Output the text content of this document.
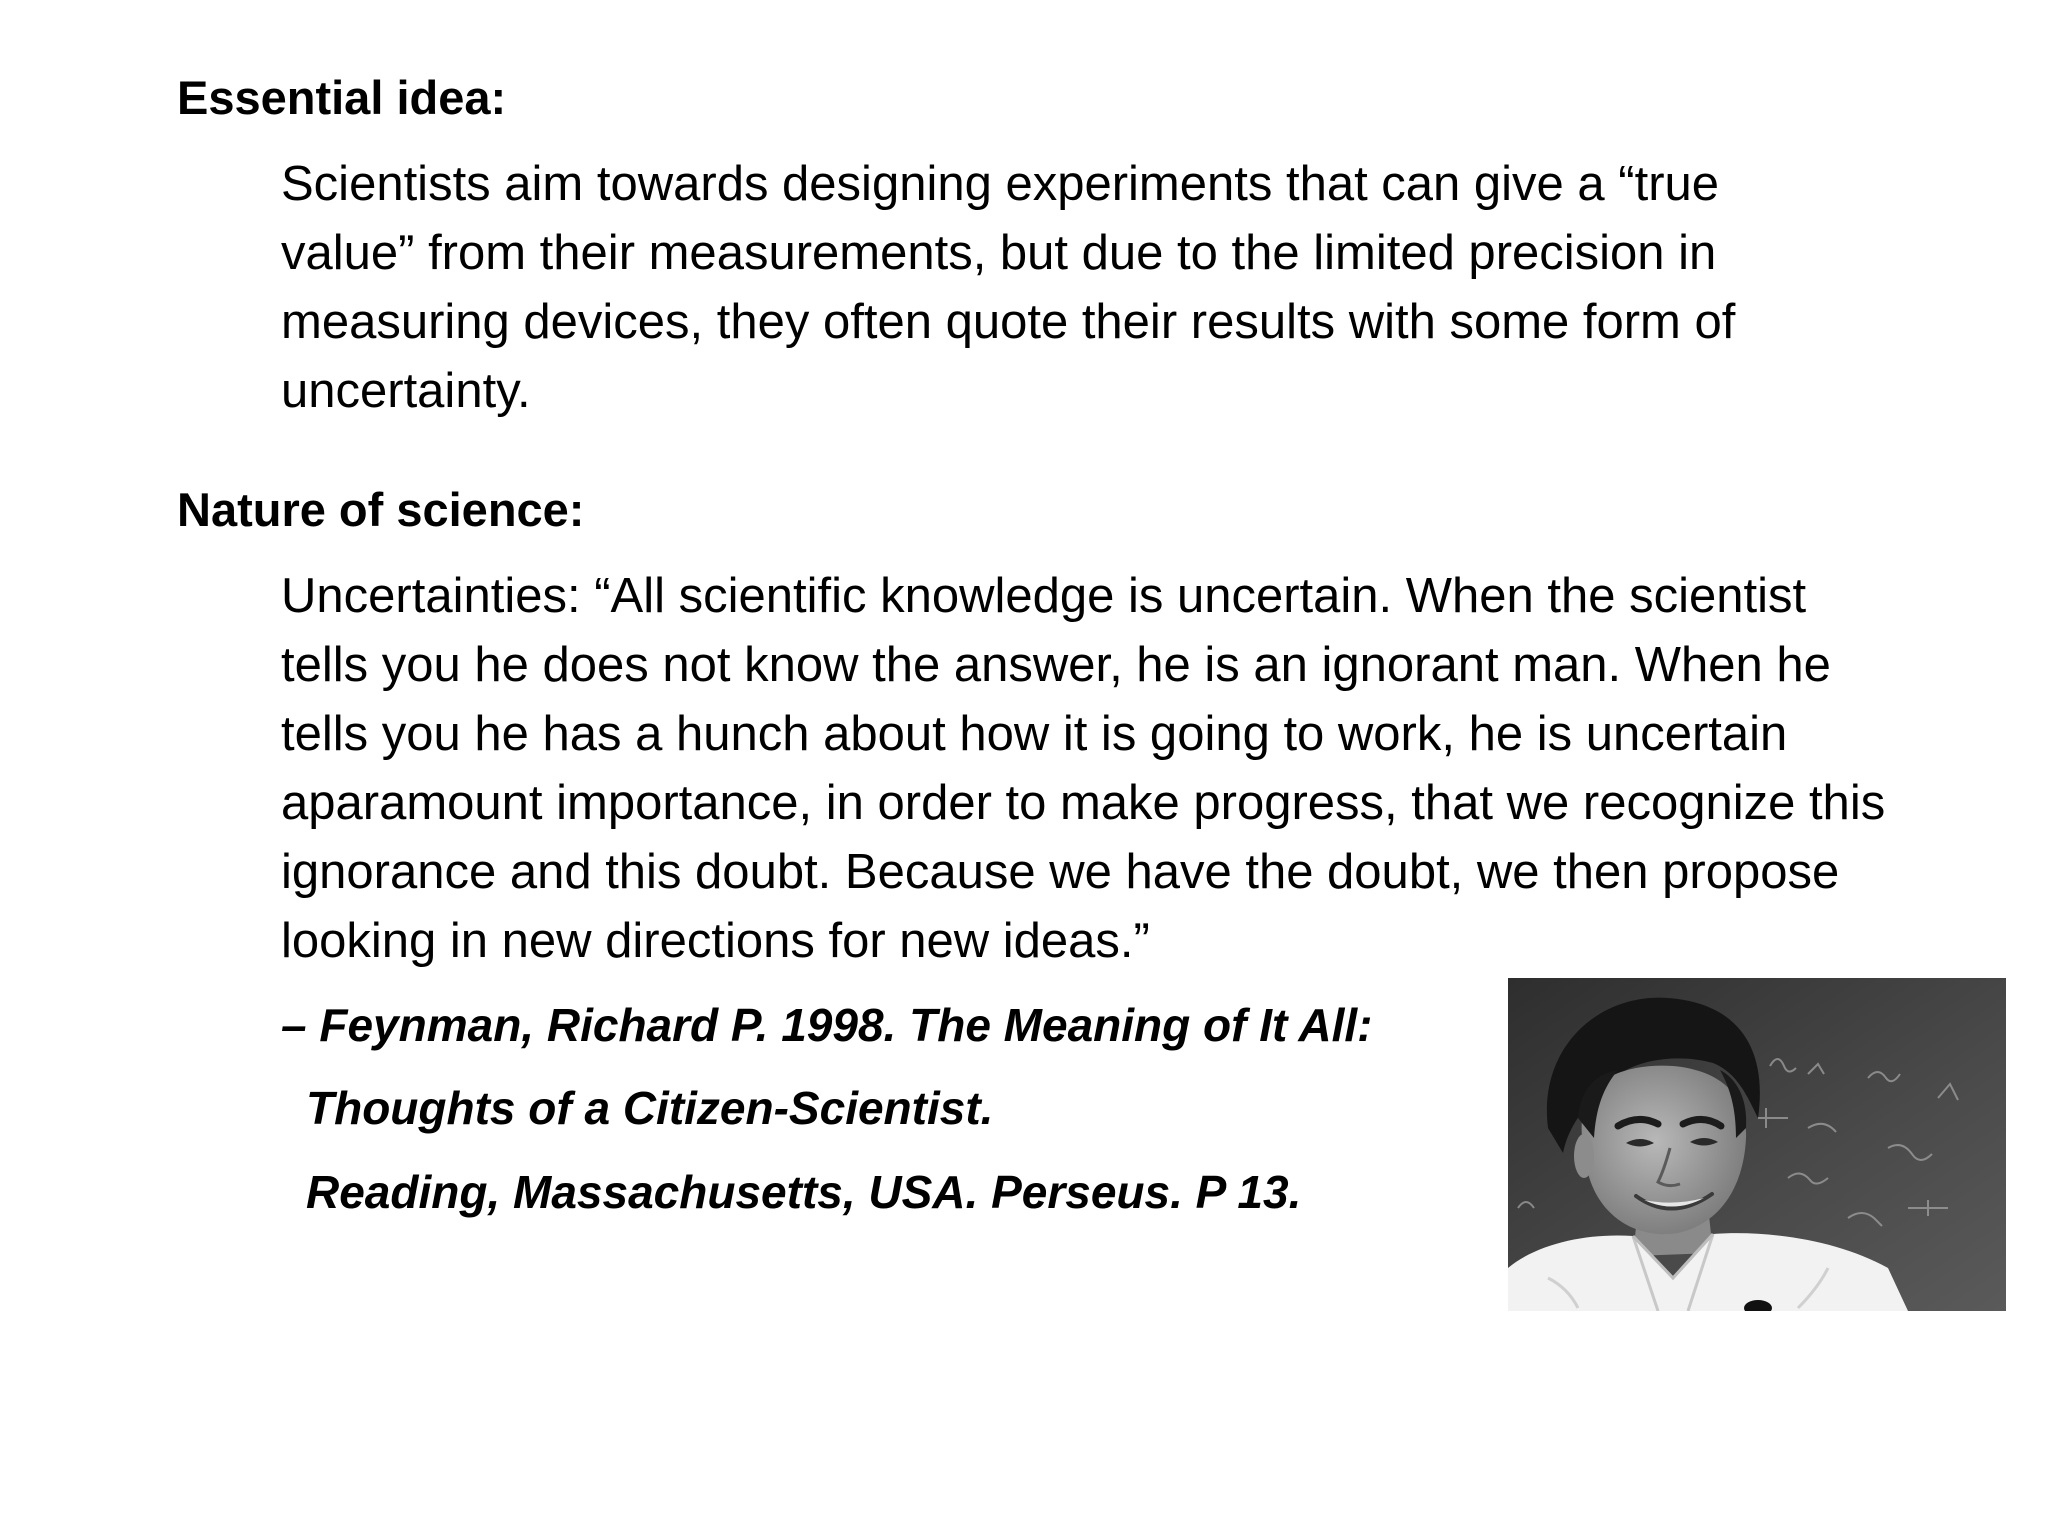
Essential idea:
Scientists aim towards designing experiments that can give a “true
value” from their measurements, but due to the limited precision in
measuring devices, they often quote their results with some form of
uncertainty.
Nature of science:
Uncertainties: “All scientific knowledge is uncertain. When the scientist
tells you he does not know the answer, he is an ignorant man. When he
tells you he has a hunch about how it is going to work, he is uncertain
aparamount importance, in order to make progress, that we recognize this
ignorance and this doubt. Because we have the doubt, we then propose
looking in new directions for new ideas.”
– Feynman, Richard P. 1998. The Meaning of It All:
Thoughts of a Citizen-Scientist.
Reading, Massachusetts, USA. Perseus. P 13.
